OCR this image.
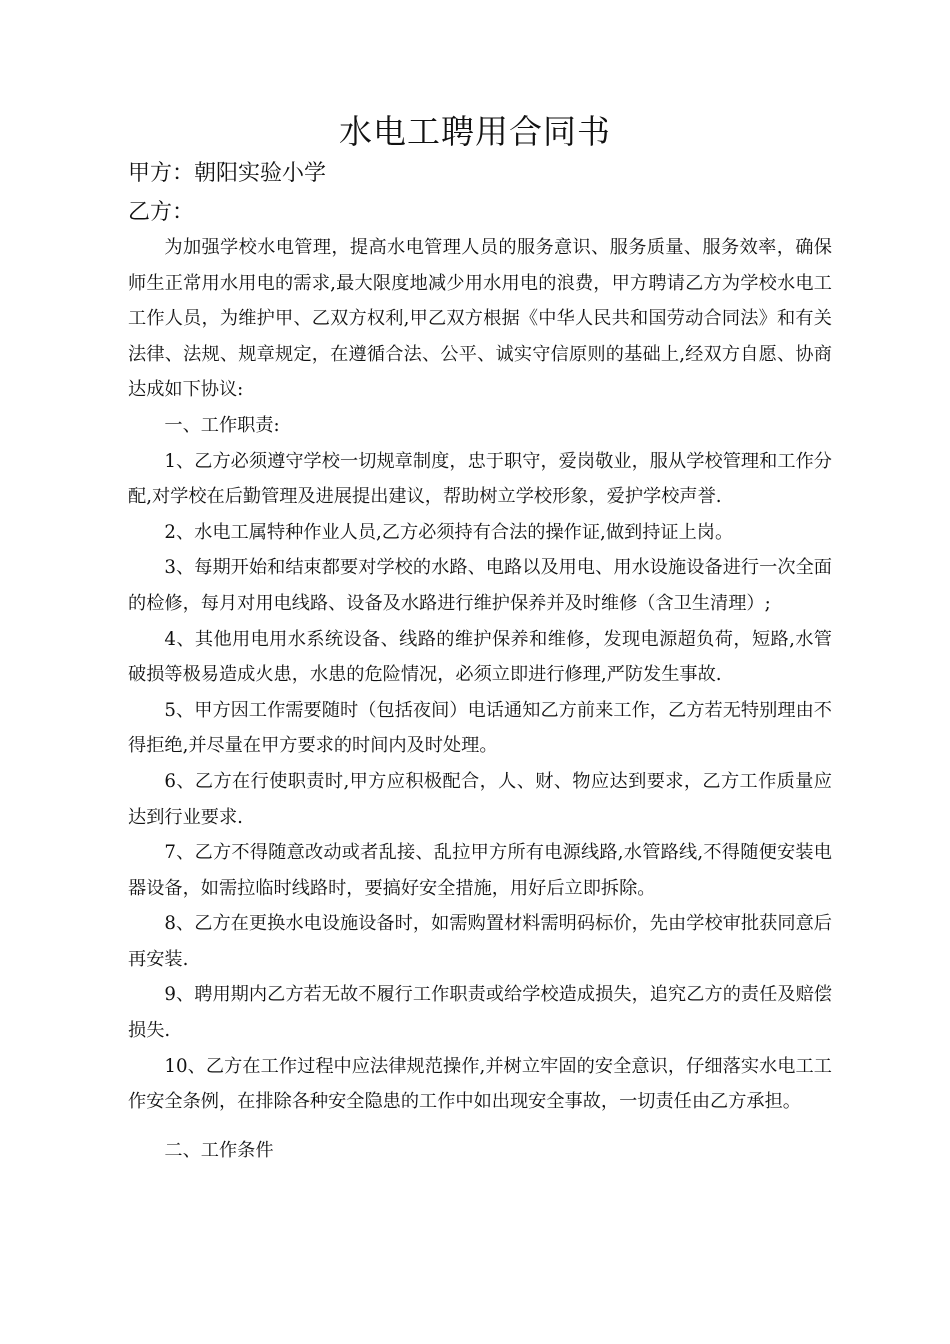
水电工聘用合同书
甲方：朝阳实验小学
乙方：

为加强学校水电管理，提高水电管理人员的服务意识、服务质量、服务效率，确保师生正常用水用电的需求,最大限度地减少用水用电的浪费，甲方聘请乙方为学校水电工工作人员，为维护甲、乙双方权利,甲乙双方根据《中华人民共和国劳动合同法》和有关法律、法规、规章规定，在遵循合法、公平、诚实守信原则的基础上,经双方自愿、协商达成如下协议:

一、工作职责:

1、乙方必须遵守学校一切规章制度，忠于职守，爱岗敬业，服从学校管理和工作分配,对学校在后勤管理及进展提出建议，帮助树立学校形象，爱护学校声誉.

2、水电工属特种作业人员,乙方必须持有合法的操作证,做到持证上岗。

3、每期开始和结束都要对学校的水路、电路以及用电、用水设施设备进行一次全面的检修，每月对用电线路、设备及水路进行维护保养并及时维修（含卫生清理）;

4、其他用电用水系统设备、线路的维护保养和维修，发现电源超负荷，短路,水管破损等极易造成火患，水患的危险情况，必须立即进行修理,严防发生事故.

5、甲方因工作需要随时（包括夜间）电话通知乙方前来工作，乙方若无特别理由不得拒绝,并尽量在甲方要求的时间内及时处理。

6、乙方在行使职责时,甲方应积极配合，人、财、物应达到要求，乙方工作质量应达到行业要求.

7、乙方不得随意改动或者乱接、乱拉甲方所有电源线路,水管路线,不得随便安装电器设备，如需拉临时线路时，要搞好安全措施，用好后立即拆除。

8、乙方在更换水电设施设备时，如需购置材料需明码标价，先由学校审批获同意后再安装.

9、聘用期内乙方若无故不履行工作职责或给学校造成损失，追究乙方的责任及赔偿损失.

10、乙方在工作过程中应法律规范操作,并树立牢固的安全意识，仔细落实水电工工作安全条例，在排除各种安全隐患的工作中如出现安全事故，一切责任由乙方承担。

二、工作条件
